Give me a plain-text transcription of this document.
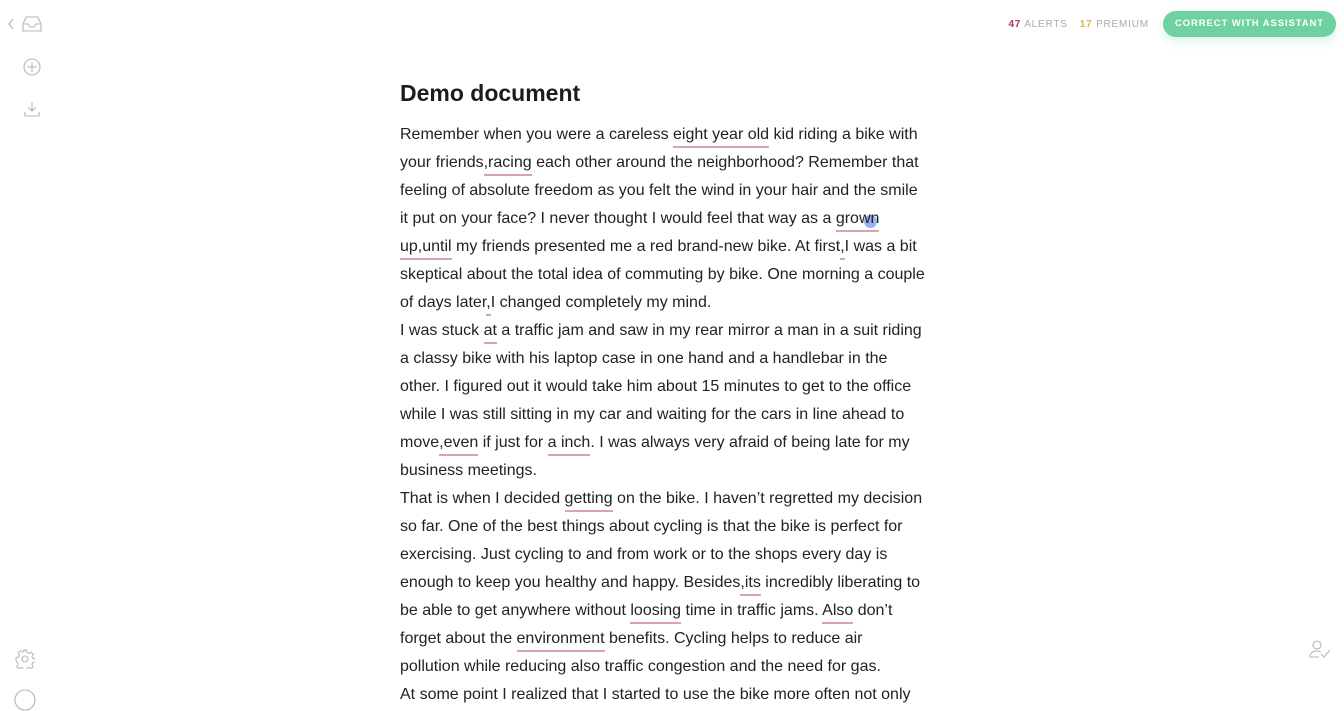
47 ALERTS 17 PREMIUM	CORRECT WITH ASSISTANT
Demo document
Remember when you were a careless eight year old kid riding a bike with
your friends,racing each other around the neighborhood? Remember that
feeling of absolute freedom as you felt the wind in your hair and the smile
it put on your face? I never thought I would feel that way as a grown
up,until my friends presented me a red brand-new bike. At first,I was a bit
skeptical about the total idea of commuting by bike. One morning a couple
of days later,I changed completely my mind.
I was stuck at a traffic jam and saw in my rear mirror a man in a suit riding
a classy bike with his laptop case in one hand and a handlebar in the
other. I figured out it would take him about 15 minutes to get to the office
while I was still sitting in my car and waiting for the cars in line ahead to
move,even if just for a inch. I was always very afraid of being late for my
business meetings.
That is when I decided getting on the bike. I haven’t regretted my decision
so far. One of the best things about cycling is that the bike is perfect for
exercising. Just cycling to and from work or to the shops every day is
enough to keep you healthy and happy. Besides,its incredibly liberating to
be able to get anywhere without loosing time in traffic jams. Also don’t
forget about the environment benefits. Cycling helps to reduce air
pollution while reducing also traffic congestion and the need for gas.
At some point I realized that I started to use the bike more often not only
